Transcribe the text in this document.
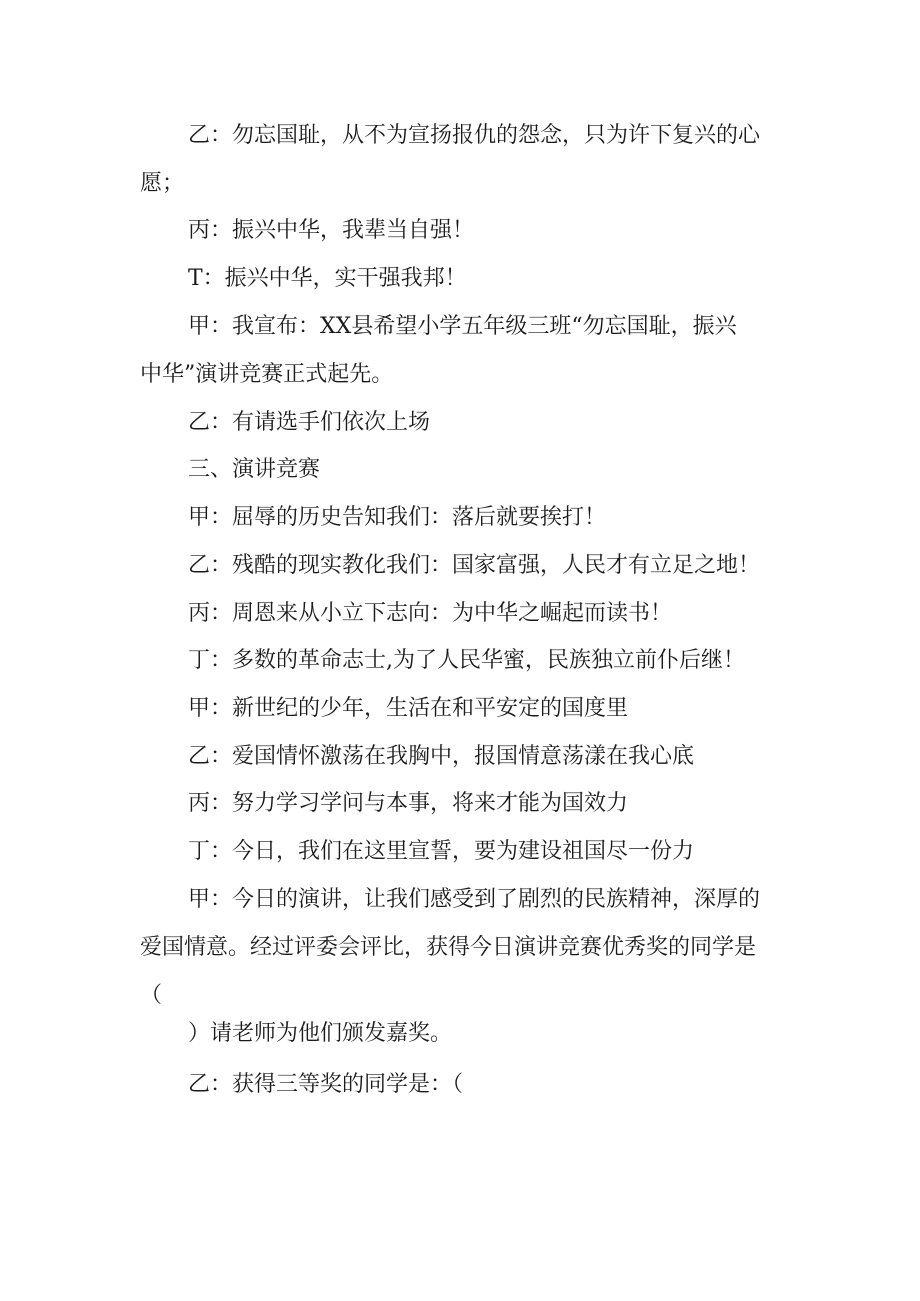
乙：勿忘国耻，从不为宣扬报仇的怨念，只为许下复兴的心
愿；
丙：振兴中华，我辈当自强！
T：振兴中华，实干强我邦！
甲：我宣布：XX县希望小学五年级三班“勿忘国耻，振兴
中华”演讲竞赛正式起先。
乙：有请选手们依次上场
三、演讲竞赛
甲：屈辱的历史告知我们：落后就要挨打！
乙：残酷的现实教化我们：国家富强，人民才有立足之地！
丙：周恩来从小立下志向：为中华之崛起而读书！
丁：多数的革命志士,为了人民华蜜，民族独立前仆后继！
甲：新世纪的少年，生活在和平安定的国度里
乙：爱国情怀激荡在我胸中，报国情意荡漾在我心底
丙：努力学习学问与本事，将来才能为国效力
丁：今日，我们在这里宣誓，要为建设祖国尽一份力
甲：今日的演讲，让我们感受到了剧烈的民族精神，深厚的
爱国情意。经过评委会评比，获得今日演讲竞赛优秀奖的同学是
（
）请老师为他们颁发嘉奖。
乙：获得三等奖的同学是：（
